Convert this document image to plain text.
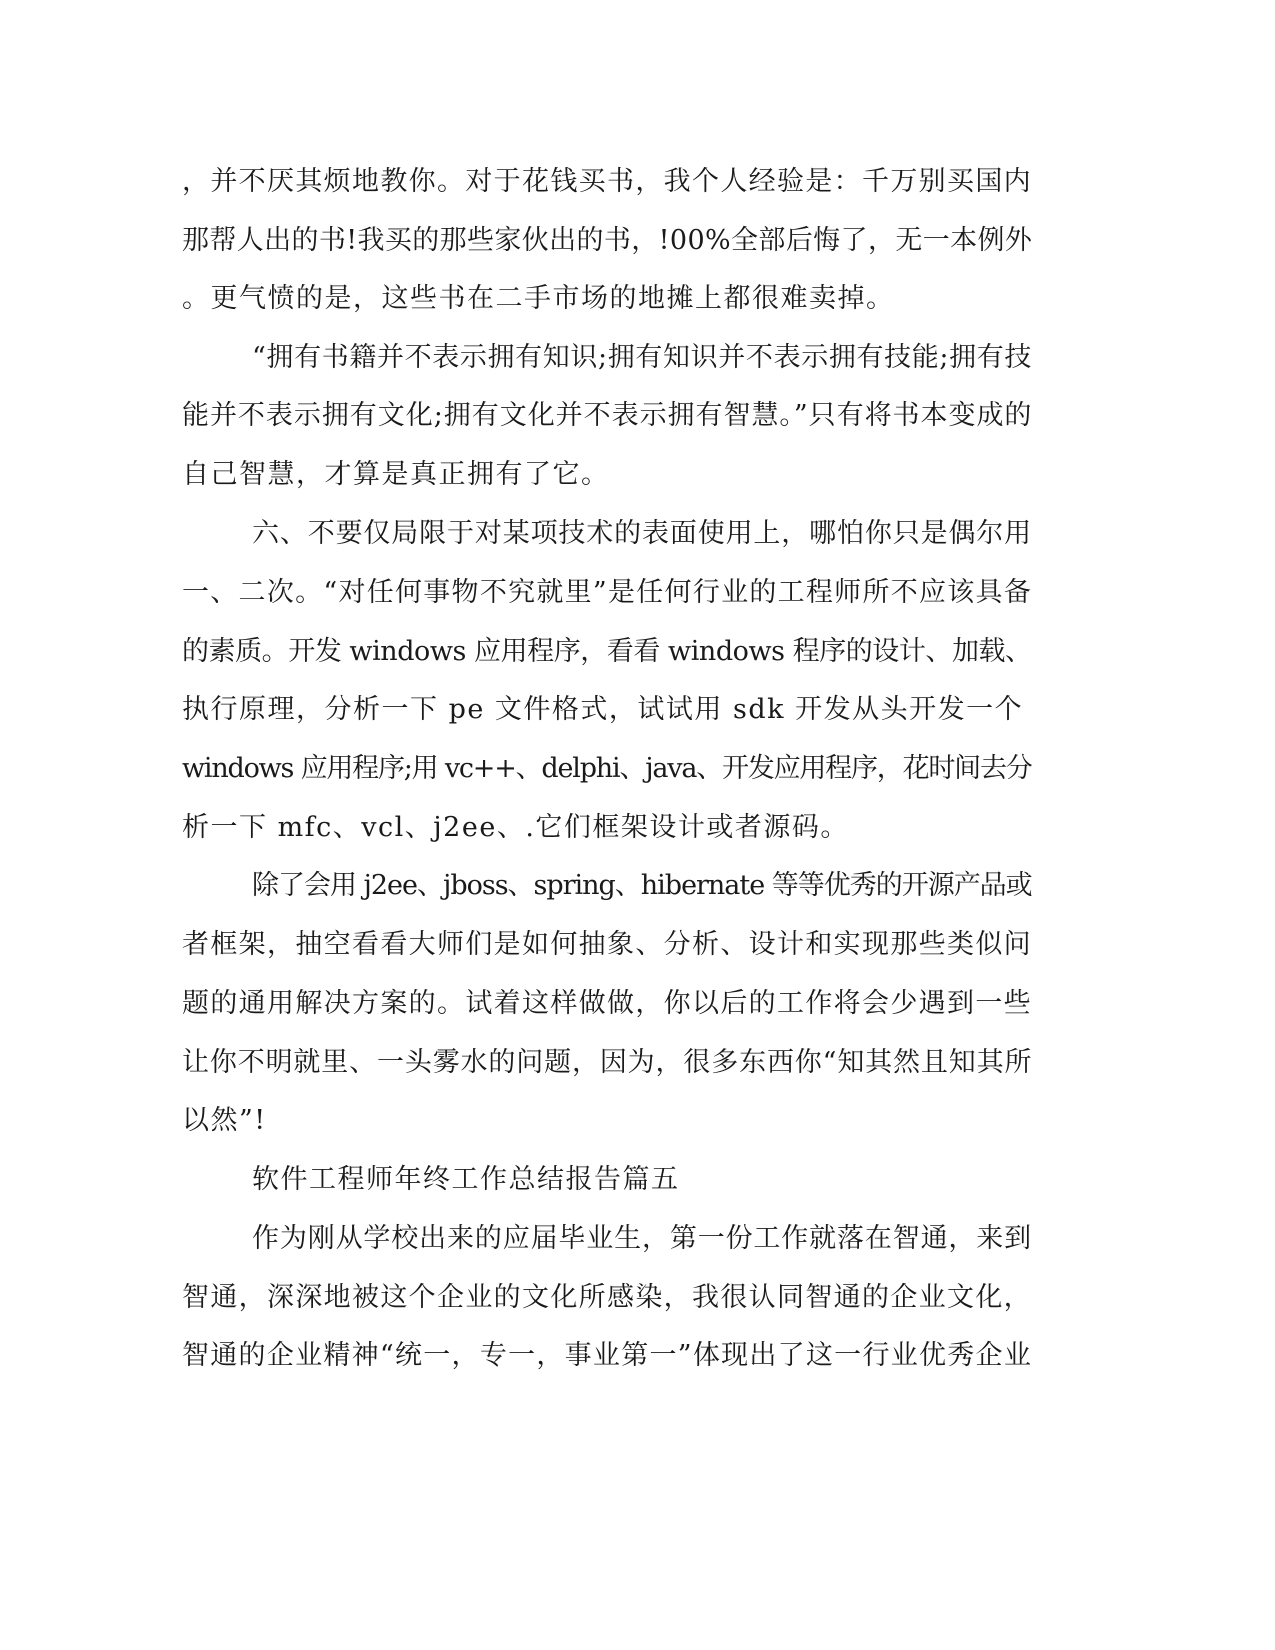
，并不厌其烦地教你。对于花钱买书，我个人经验是：千万别买国内

那帮人出的书!我买的那些家伙出的书，!00%全部后悔了，无一本例外

。更气愤的是，这些书在二手市场的地摊上都很难卖掉。

“拥有书籍并不表示拥有知识;拥有知识并不表示拥有技能;拥有技

能并不表示拥有文化;拥有文化并不表示拥有智慧。”只有将书本变成的

自己智慧，才算是真正拥有了它。

六、不要仅局限于对某项技术的表面使用上，哪怕你只是偶尔用

一、二次。“对任何事物不究就里”是任何行业的工程师所不应该具备

的素质。开发 windows 应用程序，看看 windows 程序的设计、加载、

执行原理，分析一下 pe 文件格式，试试用 sdk 开发从头开发一个

windows 应用程序;用 vc++、delphi、java、开发应用程序，花时间去分

析一下 mfc、vcl、j2ee、.它们框架设计或者源码。

除了会用 j2ee、jboss、spring、hibernate 等等优秀的开源产品或

者框架，抽空看看大师们是如何抽象、分析、设计和实现那些类似问

题的通用解决方案的。试着这样做做，你以后的工作将会少遇到一些

让你不明就里、一头雾水的问题，因为，很多东西你“知其然且知其所

以然”!

软件工程师年终工作总结报告篇五

作为刚从学校出来的应届毕业生，第一份工作就落在智通，来到

智通，深深地被这个企业的文化所感染，我很认同智通的企业文化，

智通的企业精神“统一，专一，事业第一”体现出了这一行业优秀企业
